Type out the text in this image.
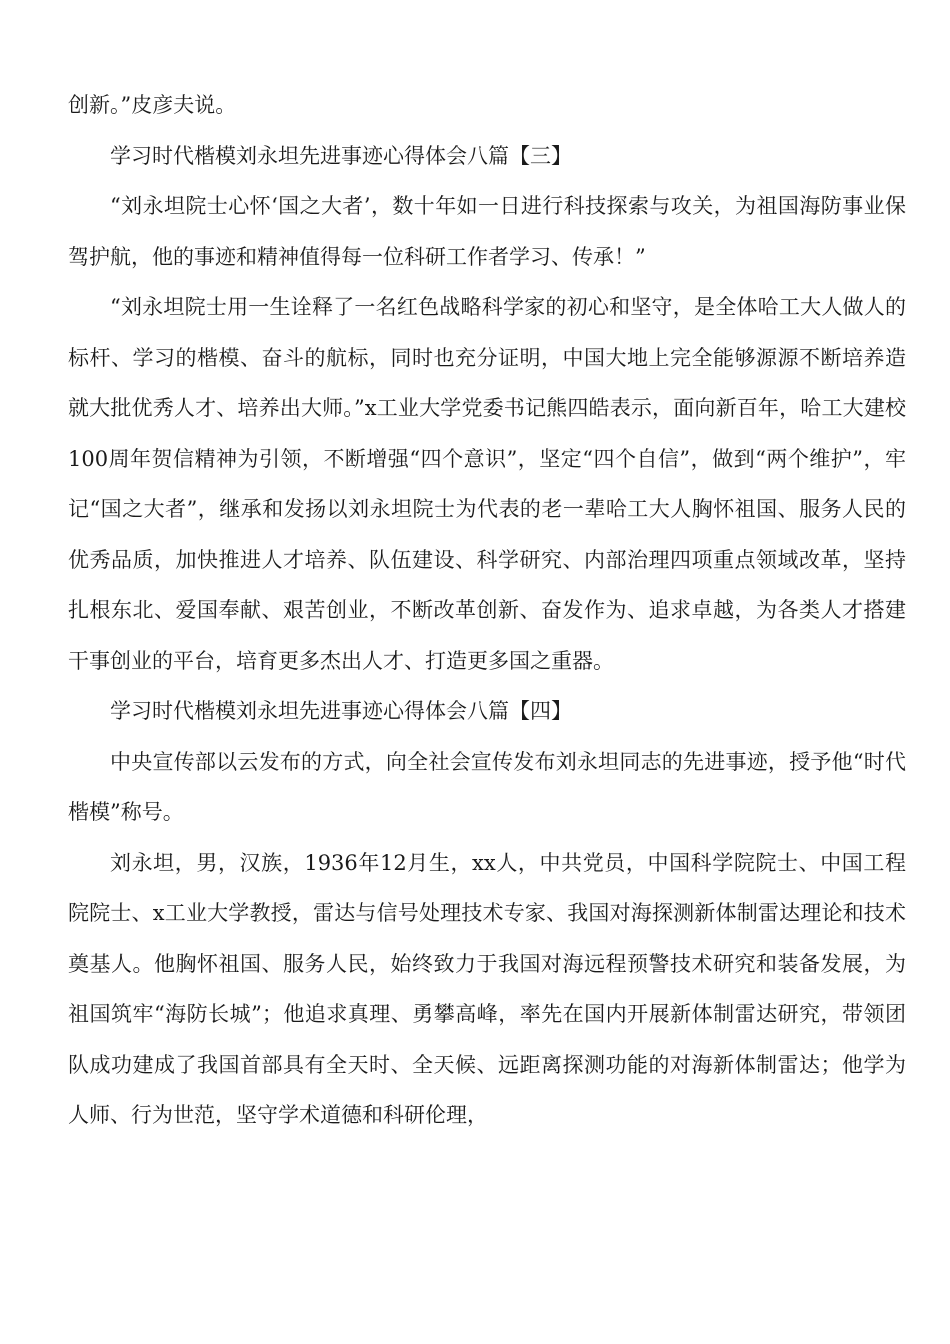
创新。”皮彦夫说。

学习时代楷模刘永坦先进事迹心得体会八篇【三】

“刘永坦院士心怀‘国之大者’，数十年如一日进行科技探索与攻关，为祖国海防事业保驾护航，他的事迹和精神值得每一位科研工作者学习、传承！”

“刘永坦院士用一生诠释了一名红色战略科学家的初心和坚守，是全体哈工大人做人的标杆、学习的楷模、奋斗的航标，同时也充分证明，中国大地上完全能够源源不断培养造就大批优秀人才、培养出大师。”x工业大学党委书记熊四皓表示，面向新百年，哈工大建校100周年贺信精神为引领，不断增强“四个意识”，坚定“四个自信”，做到“两个维护”，牢记“国之大者”，继承和发扬以刘永坦院士为代表的老一辈哈工大人胸怀祖国、服务人民的优秀品质，加快推进人才培养、队伍建设、科学研究、内部治理四项重点领域改革，坚持扎根东北、爱国奉献、艰苦创业，不断改革创新、奋发作为、追求卓越，为各类人才搭建干事创业的平台，培育更多杰出人才、打造更多国之重器。

学习时代楷模刘永坦先进事迹心得体会八篇【四】

中央宣传部以云发布的方式，向全社会宣传发布刘永坦同志的先进事迹，授予他“时代楷模”称号。

刘永坦，男，汉族，1936年12月生，xx人，中共党员，中国科学院院士、中国工程院院士、x工业大学教授，雷达与信号处理技术专家、我国对海探测新体制雷达理论和技术奠基人。他胸怀祖国、服务人民，始终致力于我国对海远程预警技术研究和装备发展，为祖国筑牢“海防长城”；他追求真理、勇攀高峰，率先在国内开展新体制雷达研究，带领团队成功建成了我国首部具有全天时、全天候、远距离探测功能的对海新体制雷达；他学为人师、行为世范，坚守学术道德和科研伦理，
